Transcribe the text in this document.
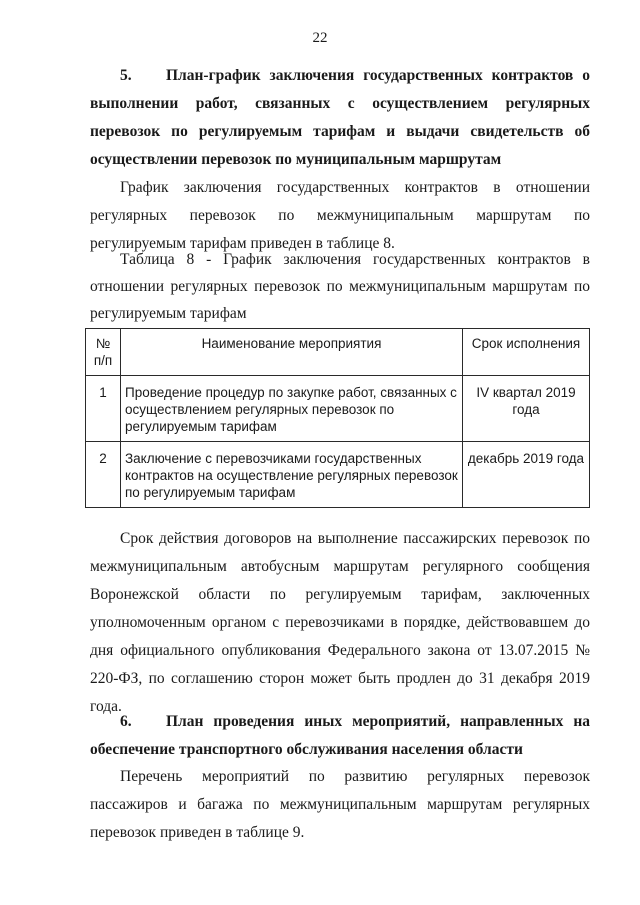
22
5. План-график заключения государственных контрактов о выполнении работ, связанных с осуществлением регулярных перевозок по регулируемым тарифам и выдачи свидетельств об осуществлении перевозок по муниципальным маршрутам
График заключения государственных контрактов в отношении регулярных перевозок по межмуниципальным маршрутам по регулируемым тарифам приведен в таблице 8.
Таблица 8 - График заключения государственных контрактов в отношении регулярных перевозок по межмуниципальным маршрутам по регулируемым тарифам
№ п/п	Наименование мероприятия	Срок исполнения
1	Проведение процедур по закупке работ, связанных с осуществлением регулярных перевозок по регулируемым тарифам	IV квартал 2019 года
2	Заключение с перевозчиками государственных контрактов на осуществление регулярных перевозок по регулируемым тарифам	декабрь 2019 года
Срок действия договоров на выполнение пассажирских перевозок по межмуниципальным автобусным маршрутам регулярного сообщения Воронежской области по регулируемым тарифам, заключенных уполномоченным органом с перевозчиками в порядке, действовавшем до дня официального опубликования Федерального закона от 13.07.2015 № 220-ФЗ, по соглашению сторон может быть продлен до 31 декабря 2019 года.
6. План проведения иных мероприятий, направленных на обеспечение транспортного обслуживания населения области
Перечень мероприятий по развитию регулярных перевозок пассажиров и багажа по межмуниципальным маршрутам регулярных перевозок приведен в таблице 9.
